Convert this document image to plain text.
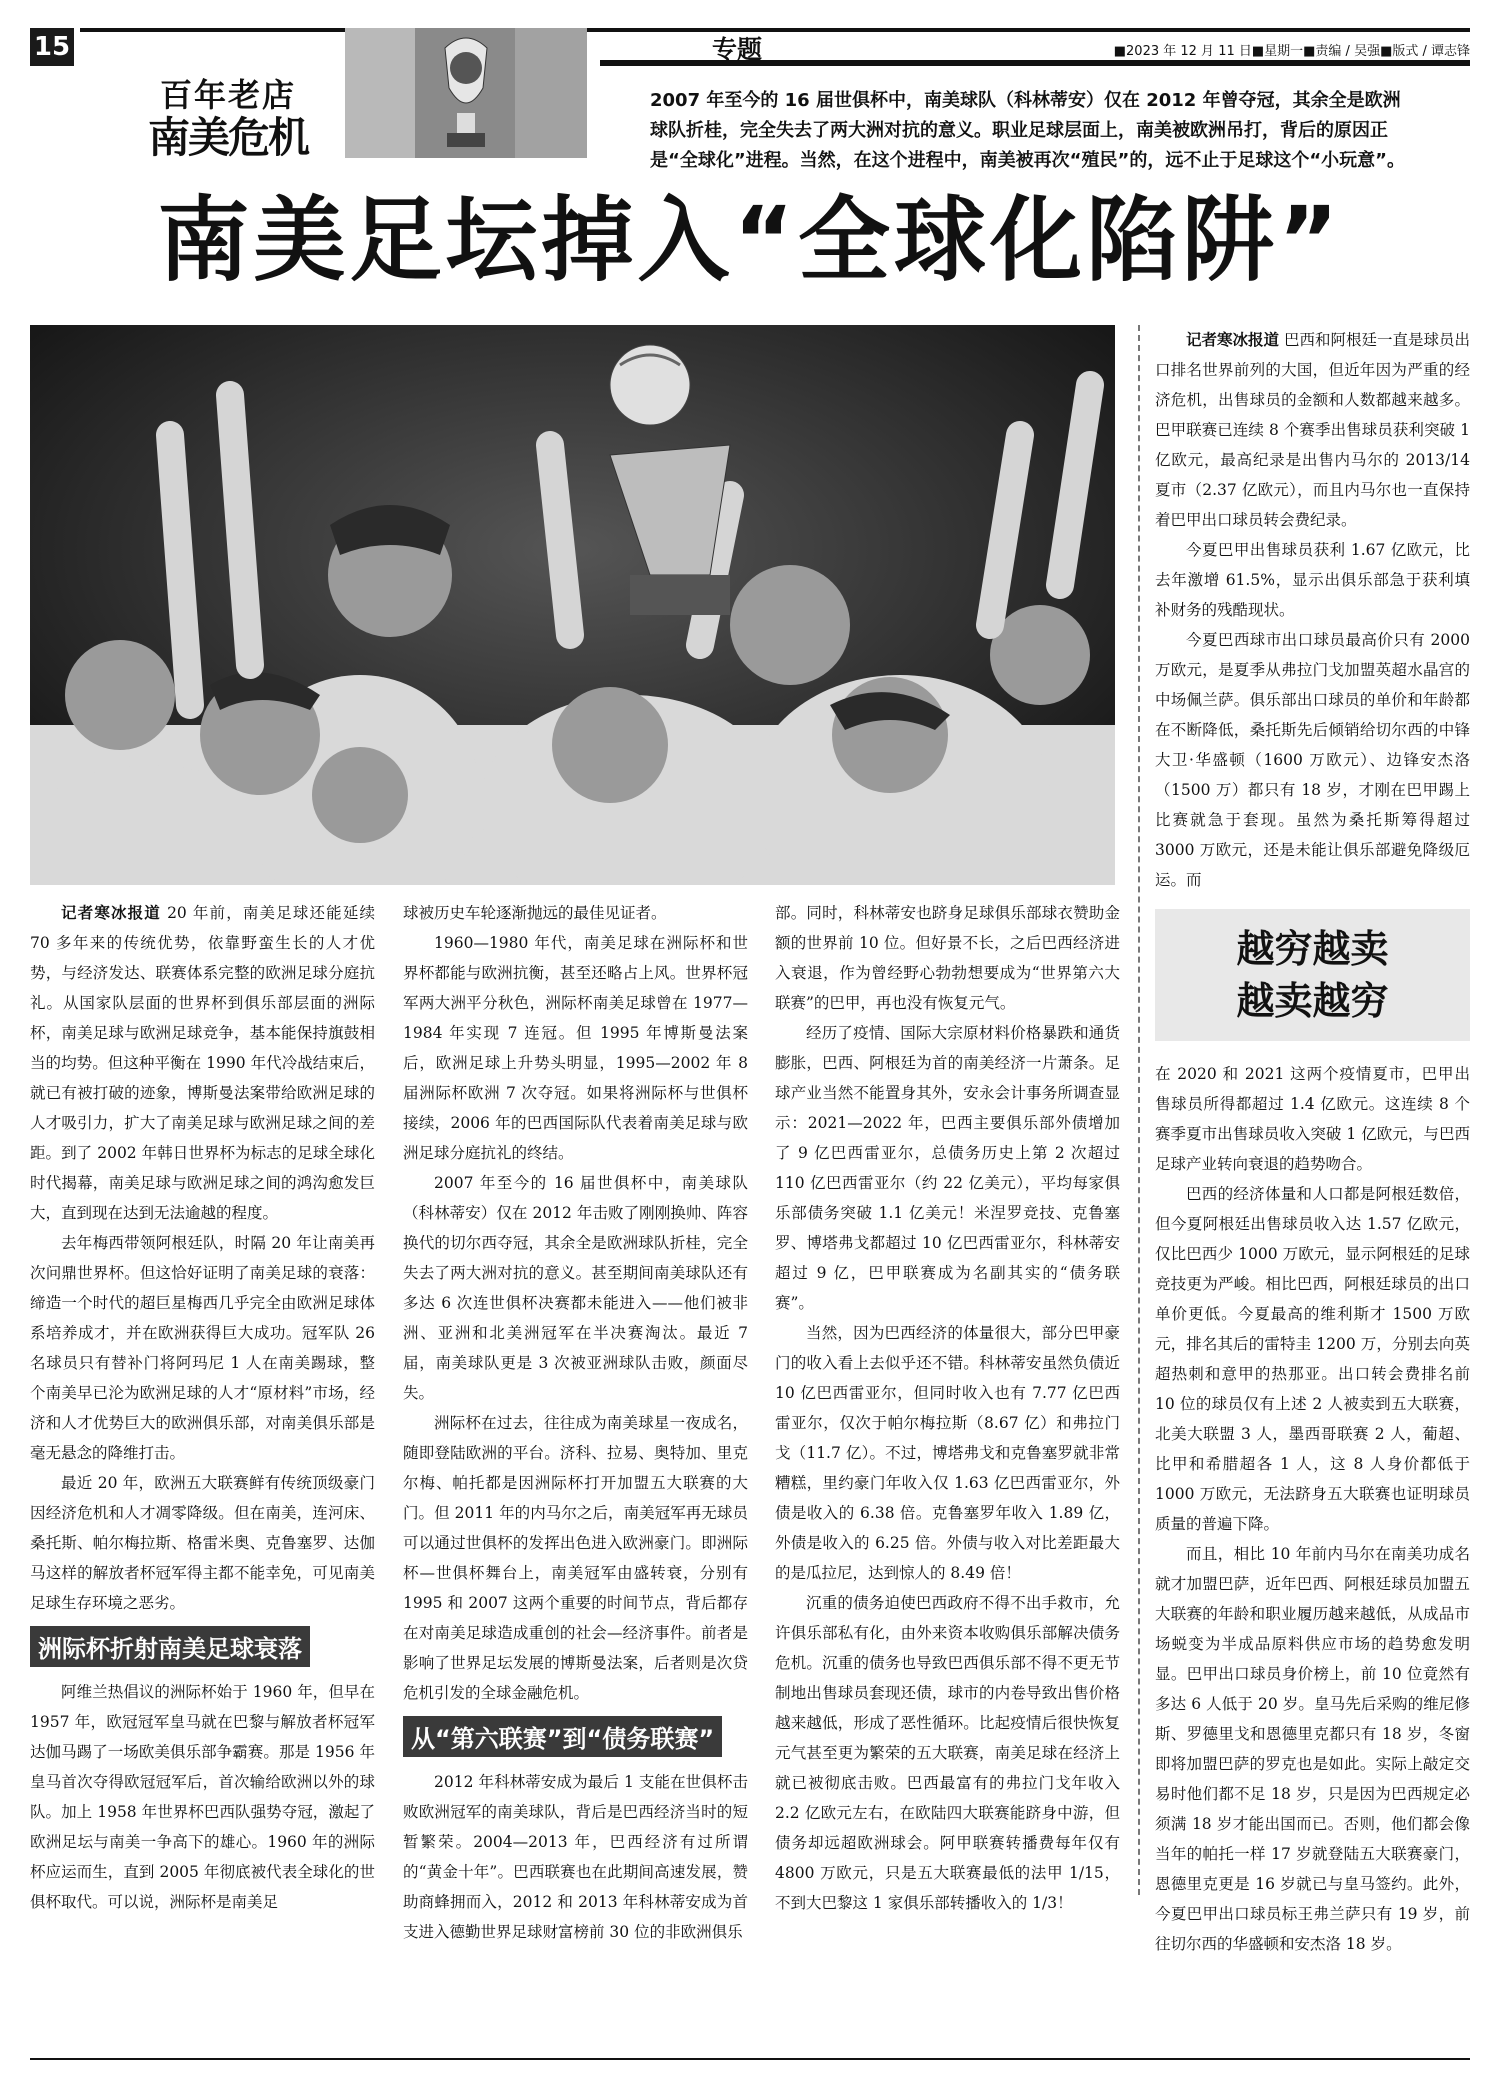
15	专题	■2023 年 12 月 11 日■星期一■责编 / 吴强■版式 / 谭志锋
百年老店
南美危机
2007 年至今的 16 届世俱杯中，南美球队（科林蒂安）仅在 2012 年曾夺冠，其余全是欧洲球队折桂，完全失去了两大洲对抗的意义。职业足球层面上，南美被欧洲吊打，背后的原因正是“全球化”进程。当然，在这个进程中，南美被再次“殖民”的，远不止于足球这个“小玩意”。
南美足坛掉入“全球化陷阱”

记者寒冰报道 巴西和阿根廷一直是球员出口排名世界前列的大国，但近年因为严重的经济危机，出售球员的金额和人数都越来越多。巴甲联赛已连续 8 个赛季出售球员获利突破 1 亿欧元，最高纪录是出售内马尔的 2013/14 夏市（2.37 亿欧元），而且内马尔也一直保持着巴甲出口球员转会费纪录。

今夏巴甲出售球员获利 1.67 亿欧元，比去年激增 61.5%，显示出俱乐部急于获利填补财务的残酷现状。

今夏巴西球市出口球员最高价只有 2000 万欧元，是夏季从弗拉门戈加盟英超水晶宫的中场佩兰萨。俱乐部出口球员的单价和年龄都在不断降低，桑托斯先后倾销给切尔西的中锋大卫·华盛顿（1600 万欧元）、边锋安杰洛（1500 万）都只有 18 岁，才刚在巴甲踢上比赛就急于套现。虽然为桑托斯筹得超过 3000 万欧元，还是未能让俱乐部避免降级厄运。而

越穷越卖
越卖越穷

在 2020 和 2021 这两个疫情夏市，巴甲出售球员所得都超过 1.4 亿欧元。这连续 8 个赛季夏市出售球员收入突破 1 亿欧元，与巴西足球产业转向衰退的趋势吻合。

巴西的经济体量和人口都是阿根廷数倍，但今夏阿根廷出售球员收入达 1.57 亿欧元，仅比巴西少 1000 万欧元，显示阿根廷的足球竞技更为严峻。相比巴西，阿根廷球员的出口单价更低。今夏最高的维利斯才 1500 万欧元，排名其后的雷特圭 1200 万，分别去向英超热刺和意甲的热那亚。出口转会费排名前 10 位的球员仅有上述 2 人被卖到五大联赛，北美大联盟 3 人，墨西哥联赛 2 人，葡超、比甲和希腊超各 1 人，这 8 人身价都低于 1000 万欧元，无法跻身五大联赛也证明球员质量的普遍下降。

而且，相比 10 年前内马尔在南美功成名就才加盟巴萨，近年巴西、阿根廷球员加盟五大联赛的年龄和职业履历越来越低，从成品市场蜕变为半成品原料供应市场的趋势愈发明显。巴甲出口球员身价榜上，前 10 位竟然有多达 6 人低于 20 岁。皇马先后采购的维尼修斯、罗德里戈和恩德里克都只有 18 岁，冬窗即将加盟巴萨的罗克也是如此。实际上敲定交易时他们都不足 18 岁，只是因为巴西规定必须满 18 岁才能出国而已。否则，他们都会像当年的帕托一样 17 岁就登陆五大联赛豪门，恩德里克更是 16 岁就已与皇马签约。此外，今夏巴甲出口球员标王弗兰萨只有 19 岁，前往切尔西的华盛顿和安杰洛 18 岁。

记者寒冰报道 20 年前，南美足球还能延续 70 多年来的传统优势，依靠野蛮生长的人才优势，与经济发达、联赛体系完整的欧洲足球分庭抗礼。从国家队层面的世界杯到俱乐部层面的洲际杯，南美足球与欧洲足球竞争，基本能保持旗鼓相当的均势。但这种平衡在 1990 年代冷战结束后，就已有被打破的迹象，博斯曼法案带给欧洲足球的人才吸引力，扩大了南美足球与欧洲足球之间的差距。到了 2002 年韩日世界杯为标志的足球全球化时代揭幕，南美足球与欧洲足球之间的鸿沟愈发巨大，直到现在达到无法逾越的程度。

去年梅西带领阿根廷队，时隔 20 年让南美再次问鼎世界杯。但这恰好证明了南美足球的衰落：缔造一个时代的超巨星梅西几乎完全由欧洲足球体系培养成才，并在欧洲获得巨大成功。冠军队 26 名球员只有替补门将阿玛尼 1 人在南美踢球，整个南美早已沦为欧洲足球的人才“原材料”市场，经济和人才优势巨大的欧洲俱乐部，对南美俱乐部是毫无悬念的降维打击。

最近 20 年，欧洲五大联赛鲜有传统顶级豪门因经济危机和人才凋零降级。但在南美，连河床、桑托斯、帕尔梅拉斯、格雷米奥、克鲁塞罗、达伽马这样的解放者杯冠军得主都不能幸免，可见南美足球生存环境之恶劣。

洲际杯折射南美足球衰落

阿维兰热倡议的洲际杯始于 1960 年，但早在 1957 年，欧冠冠军皇马就在巴黎与解放者杯冠军达伽马踢了一场欧美俱乐部争霸赛。那是 1956 年皇马首次夺得欧冠冠军后，首次输给欧洲以外的球队。加上 1958 年世界杯巴西队强势夺冠，激起了欧洲足坛与南美一争高下的雄心。1960 年的洲际杯应运而生，直到 2005 年彻底被代表全球化的世俱杯取代。可以说，洲际杯是南美足

球被历史车轮逐渐抛远的最佳见证者。

1960—1980 年代，南美足球在洲际杯和世界杯都能与欧洲抗衡，甚至还略占上风。世界杯冠军两大洲平分秋色，洲际杯南美足球曾在 1977—1984 年实现 7 连冠。但 1995 年博斯曼法案后，欧洲足球上升势头明显，1995—2002 年 8 届洲际杯欧洲 7 次夺冠。如果将洲际杯与世俱杯接续，2006 年的巴西国际队代表着南美足球与欧洲足球分庭抗礼的终结。

2007 年至今的 16 届世俱杯中，南美球队（科林蒂安）仅在 2012 年击败了刚刚换帅、阵容换代的切尔西夺冠，其余全是欧洲球队折桂，完全失去了两大洲对抗的意义。甚至期间南美球队还有多达 6 次连世俱杯决赛都未能进入——他们被非洲、亚洲和北美洲冠军在半决赛淘汰。最近 7 届，南美球队更是 3 次被亚洲球队击败，颜面尽失。

洲际杯在过去，往往成为南美球星一夜成名，随即登陆欧洲的平台。济科、拉易、奥特加、里克尔梅、帕托都是因洲际杯打开加盟五大联赛的大门。但 2011 年的内马尔之后，南美冠军再无球员可以通过世俱杯的发挥出色进入欧洲豪门。即洲际杯—世俱杯舞台上，南美冠军由盛转衰，分别有 1995 和 2007 这两个重要的时间节点，背后都存在对南美足球造成重创的社会—经济事件。前者是影响了世界足坛发展的博斯曼法案，后者则是次贷危机引发的全球金融危机。

从“第六联赛”到“债务联赛”

2012 年科林蒂安成为最后 1 支能在世俱杯击败欧洲冠军的南美球队，背后是巴西经济当时的短暂繁荣。2004—2013 年，巴西经济有过所谓的“黄金十年”。巴西联赛也在此期间高速发展，赞助商蜂拥而入，2012 和 2013 年科林蒂安成为首支进入德勤世界足球财富榜前 30 位的非欧洲俱乐

部。同时，科林蒂安也跻身足球俱乐部球衣赞助金额的世界前 10 位。但好景不长，之后巴西经济进入衰退，作为曾经野心勃勃想要成为“世界第六大联赛”的巴甲，再也没有恢复元气。

经历了疫情、国际大宗原材料价格暴跌和通货膨胀，巴西、阿根廷为首的南美经济一片萧条。足球产业当然不能置身其外，安永会计事务所调查显示：2021—2022 年，巴西主要俱乐部外债增加了 9 亿巴西雷亚尔，总债务历史上第 2 次超过 110 亿巴西雷亚尔（约 22 亿美元），平均每家俱乐部债务突破 1.1 亿美元！米涅罗竞技、克鲁塞罗、博塔弗戈都超过 10 亿巴西雷亚尔，科林蒂安超过 9 亿，巴甲联赛成为名副其实的“债务联赛”。

当然，因为巴西经济的体量很大，部分巴甲豪门的收入看上去似乎还不错。科林蒂安虽然负债近 10 亿巴西雷亚尔，但同时收入也有 7.77 亿巴西雷亚尔，仅次于帕尔梅拉斯（8.67 亿）和弗拉门戈（11.7 亿）。不过，博塔弗戈和克鲁塞罗就非常糟糕，里约豪门年收入仅 1.63 亿巴西雷亚尔，外债是收入的 6.38 倍。克鲁塞罗年收入 1.89 亿，外债是收入的 6.25 倍。外债与收入对比差距最大的是瓜拉尼，达到惊人的 8.49 倍！

沉重的债务迫使巴西政府不得不出手救市，允许俱乐部私有化，由外来资本收购俱乐部解决债务危机。沉重的债务也导致巴西俱乐部不得不更无节制地出售球员套现还债，球市的内卷导致出售价格越来越低，形成了恶性循环。比起疫情后很快恢复元气甚至更为繁荣的五大联赛，南美足球在经济上就已被彻底击败。巴西最富有的弗拉门戈年收入 2.2 亿欧元左右，在欧陆四大联赛能跻身中游，但债务却远超欧洲球会。阿甲联赛转播费每年仅有 4800 万欧元，只是五大联赛最低的法甲 1/15，不到大巴黎这 1 家俱乐部转播收入的 1/3！
